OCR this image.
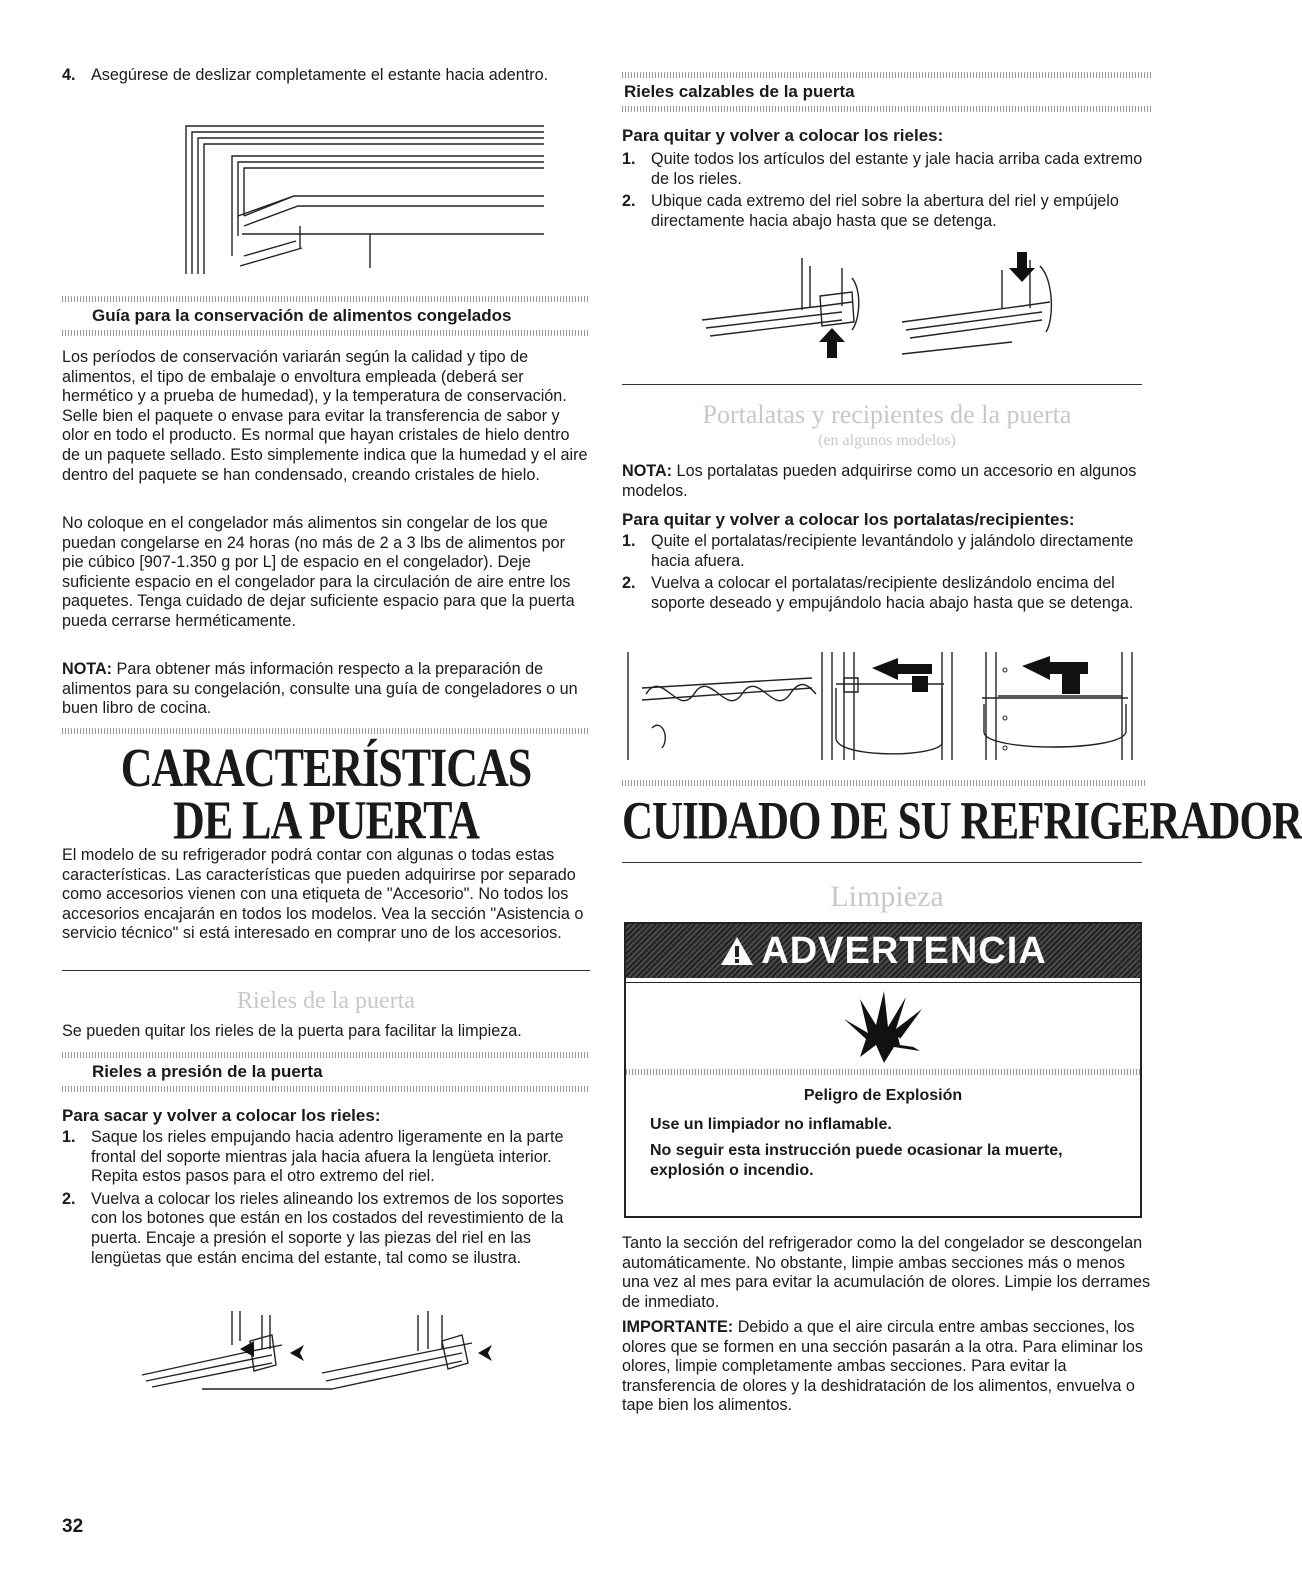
4. Asegúrese de deslizar completamente el estante hacia adentro.
Guía para la conservación de alimentos congelados

Los períodos de conservación variarán según la calidad y tipo de alimentos, el tipo de embalaje o envoltura empleada (deberá ser hermético y a prueba de humedad), y la temperatura de conservación. Selle bien el paquete o envase para evitar la transferencia de sabor y olor en todo el producto. Es normal que hayan cristales de hielo dentro de un paquete sellado. Esto simplemente indica que la humedad y el aire dentro del paquete se han condensado, creando cristales de hielo.

No coloque en el congelador más alimentos sin congelar de los que puedan congelarse en 24 horas (no más de 2 a 3 lbs de alimentos por pie cúbico [907-1.350 g por L] de espacio en el congelador). Deje suficiente espacio en el congelador para la circulación de aire entre los paquetes. Tenga cuidado de dejar suficiente espacio para que la puerta pueda cerrarse herméticamente.

NOTA: Para obtener más información respecto a la preparación de alimentos para su congelación, consulte una guía de congeladores o un buen libro de cocina.

CARACTERÍSTICAS
DE LA PUERTA

El modelo de su refrigerador podrá contar con algunas o todas estas características. Las características que pueden adquirirse por separado como accesorios vienen con una etiqueta de "Accesorio". No todos los accesorios encajarán en todos los modelos. Vea la sección "Asistencia o servicio técnico" si está interesado en comprar uno de los accesorios.

Rieles de la puerta

Se pueden quitar los rieles de la puerta para facilitar la limpieza.

Rieles a presión de la puerta
Para sacar y volver a colocar los rieles:
1. Saque los rieles empujando hacia adentro ligeramente en la parte frontal del soporte mientras jala hacia afuera la lengüeta interior. Repita estos pasos para el otro extremo del riel.
2. Vuelva a colocar los rieles alineando los extremos de los soportes con los botones que están en los costados del revestimiento de la puerta. Encaje a presión el soporte y las piezas del riel en las lengüetas que están encima del estante, tal como se ilustra.
32
Rieles calzables de la puerta
Para quitar y volver a colocar los rieles:
1. Quite todos los artículos del estante y jale hacia arriba cada extremo de los rieles.
2. Ubique cada extremo del riel sobre la abertura del riel y empújelo directamente hacia abajo hasta que se detenga.
Portalatas y recipientes de la puerta
(en algunos modelos)

NOTA: Los portalatas pueden adquirirse como un accesorio en algunos modelos.

Para quitar y volver a colocar los portalatas/recipientes:
1. Quite el portalatas/recipiente levantándolo y jalándolo directamente hacia afuera.
2. Vuelva a colocar el portalatas/recipiente deslizándolo encima del soporte deseado y empujándolo hacia abajo hasta que se detenga.
CUIDADO DE SU REFRIGERADOR
Limpieza
ADVERTENCIA
Peligro de Explosión
Use un limpiador no inflamable.
No seguir esta instrucción puede ocasionar la muerte, explosión o incendio.

Tanto la sección del refrigerador como la del congelador se descongelan automáticamente. No obstante, limpie ambas secciones más o menos una vez al mes para evitar la acumulación de olores. Limpie los derrames de inmediato.

IMPORTANTE: Debido a que el aire circula entre ambas secciones, los olores que se formen en una sección pasarán a la otra. Para eliminar los olores, limpie completamente ambas secciones. Para evitar la transferencia de olores y la deshidratación de los alimentos, envuelva o tape bien los alimentos.
